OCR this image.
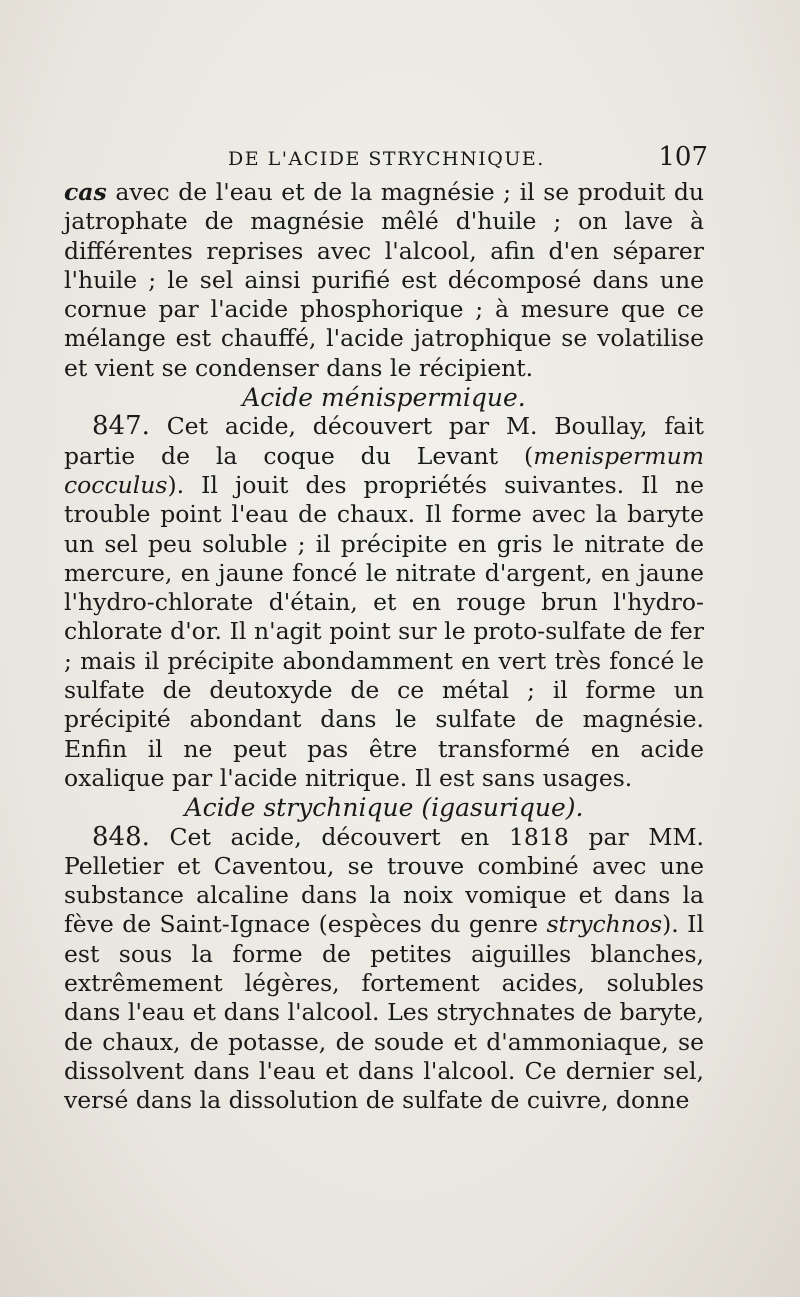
DE L'ACIDE STRYCHNIQUE.	107

cas avec de l'eau et de la magnésie ; il se produit du jatrophate de magnésie mêlé d'huile ; on lave à différentes reprises avec l'alcool, afin d'en séparer l'huile ; le sel ainsi purifié est décomposé dans une cornue par l'acide phosphorique ; à mesure que ce mélange est chauffé, l'acide jatrophique se volatilise et vient se condenser dans le récipient.

Acide ménispermique.

847. Cet acide, découvert par M. Boullay, fait partie de la coque du Levant (menispermum cocculus). Il jouit des propriétés suivantes. Il ne trouble point l'eau de chaux. Il forme avec la baryte un sel peu soluble ; il précipite en gris le nitrate de mercure, en jaune foncé le nitrate d'argent, en jaune l'hydro-chlorate d'étain, et en rouge brun l'hydro-chlorate d'or. Il n'agit point sur le proto-sulfate de fer ; mais il précipite abondamment en vert très foncé le sulfate de deutoxyde de ce métal ; il forme un précipité abondant dans le sulfate de magnésie. Enfin il ne peut pas être transformé en acide oxalique par l'acide nitrique. Il est sans usages.

Acide strychnique (igasurique).

848. Cet acide, découvert en 1818 par MM. Pelletier et Caventou, se trouve combiné avec une substance alcaline dans la noix vomique et dans la fève de Saint-Ignace (espèces du genre strychnos). Il est sous la forme de petites aiguilles blanches, extrêmement légères, fortement acides, solubles dans l'eau et dans l'alcool. Les strychnates de baryte, de chaux, de potasse, de soude et d'ammoniaque, se dissolvent dans l'eau et dans l'alcool. Ce dernier sel, versé dans la dissolution de sulfate de cuivre, donne
